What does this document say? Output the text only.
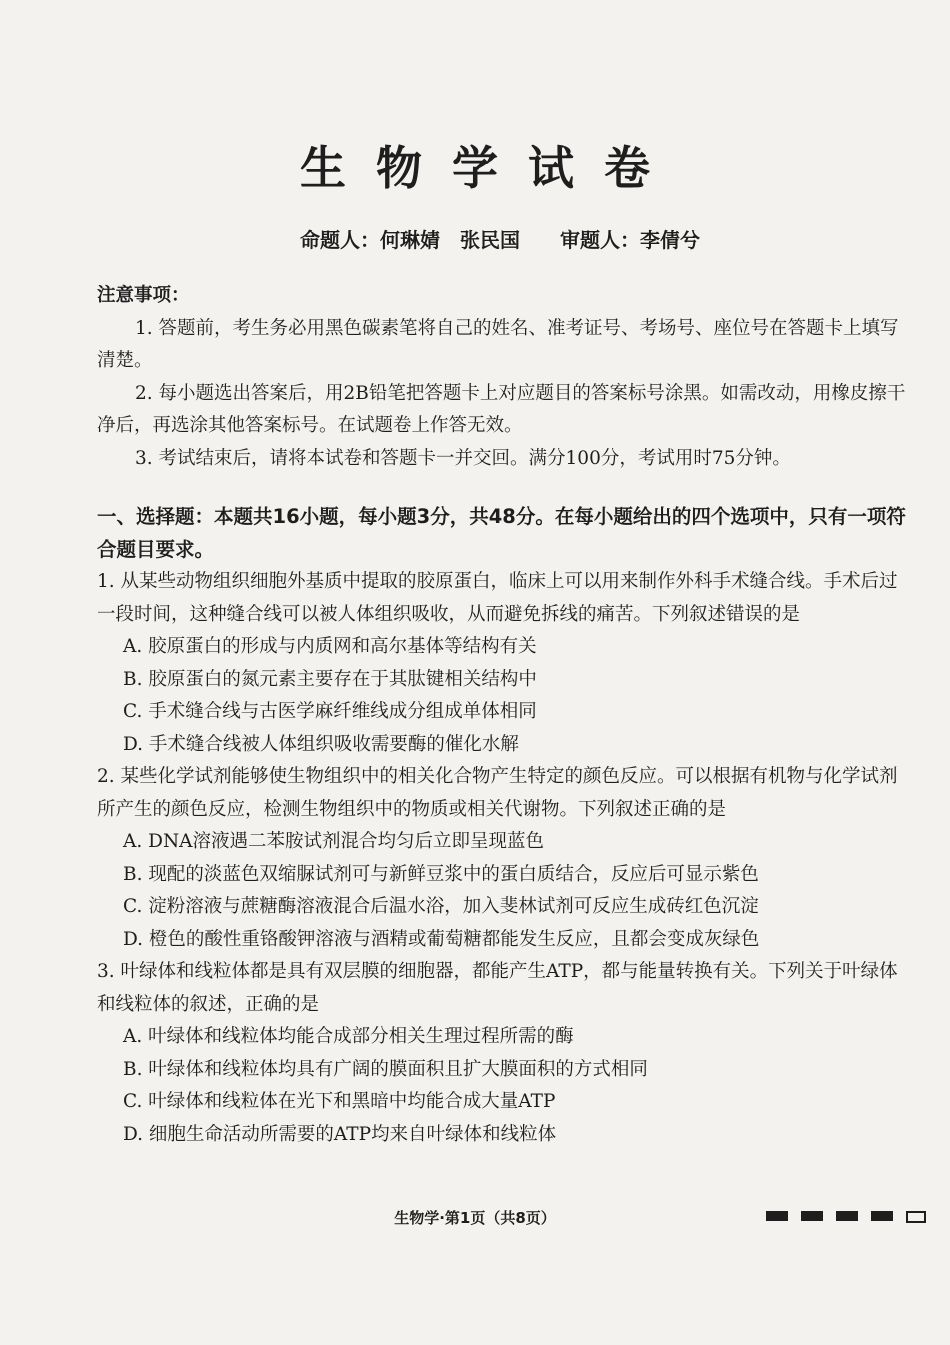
生物学试卷
命题人：何琳婧　张民国　　审题人：李倩兮
注意事项：

1. 答题前，考生务必用黑色碳素笔将自己的姓名、准考证号、考场号、座位号在答题卡上填写清楚。

2. 每小题选出答案后，用2B铅笔把答题卡上对应题目的答案标号涂黑。如需改动，用橡皮擦干净后，再选涂其他答案标号。在试题卷上作答无效。

3. 考试结束后，请将本试卷和答题卡一并交回。满分100分，考试用时75分钟。

一、选择题：本题共16小题，每小题3分，共48分。在每小题给出的四个选项中，只有一项符合题目要求。
1. 从某些动物组织细胞外基质中提取的胶原蛋白，临床上可以用来制作外科手术缝合线。手术后过一段时间，这种缝合线可以被人体组织吸收，从而避免拆线的痛苦。下列叙述错误的是
A. 胶原蛋白的形成与内质网和高尔基体等结构有关
B. 胶原蛋白的氮元素主要存在于其肽键相关结构中
C. 手术缝合线与古医学麻纤维线成分组成单体相同
D. 手术缝合线被人体组织吸收需要酶的催化水解
2. 某些化学试剂能够使生物组织中的相关化合物产生特定的颜色反应。可以根据有机物与化学试剂所产生的颜色反应，检测生物组织中的物质或相关代谢物。下列叙述正确的是
A. DNA溶液遇二苯胺试剂混合均匀后立即呈现蓝色
B. 现配的淡蓝色双缩脲试剂可与新鲜豆浆中的蛋白质结合，反应后可显示紫色
C. 淀粉溶液与蔗糖酶溶液混合后温水浴，加入斐林试剂可反应生成砖红色沉淀
D. 橙色的酸性重铬酸钾溶液与酒精或葡萄糖都能发生反应，且都会变成灰绿色
3. 叶绿体和线粒体都是具有双层膜的细胞器，都能产生ATP，都与能量转换有关。下列关于叶绿体和线粒体的叙述，正确的是
A. 叶绿体和线粒体均能合成部分相关生理过程所需的酶
B. 叶绿体和线粒体均具有广阔的膜面积且扩大膜面积的方式相同
C. 叶绿体和线粒体在光下和黑暗中均能合成大量ATP
D. 细胞生命活动所需要的ATP均来自叶绿体和线粒体
生物学·第1页（共8页）
